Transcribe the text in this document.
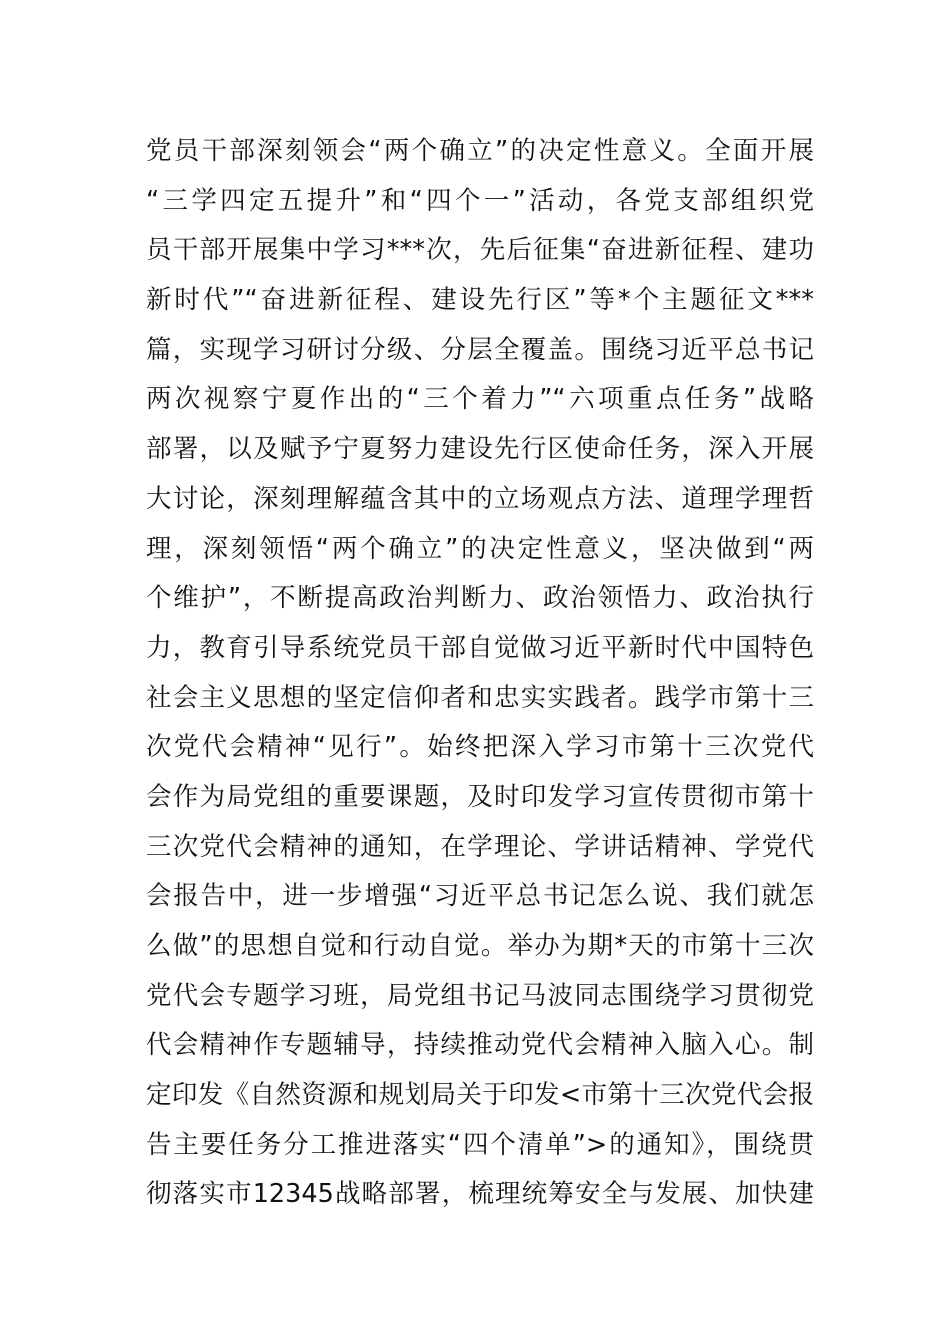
党员干部深刻领会“两个确立”的决定性意义。全面开展
“三学四定五提升”和“四个一”活动，各党支部组织党
员干部开展集中学习***次，先后征集“奋进新征程、建功
新时代”“奋进新征程、建设先行区”等*个主题征文***
篇，实现学习研讨分级、分层全覆盖。围绕习近平总书记
两次视察宁夏作出的“三个着力”“六项重点任务”战略
部署，以及赋予宁夏努力建设先行区使命任务，深入开展
大讨论，深刻理解蕴含其中的立场观点方法、道理学理哲
理，深刻领悟“两个确立”的决定性意义，坚决做到“两
个维护”，不断提高政治判断力、政治领悟力、政治执行
力，教育引导系统党员干部自觉做习近平新时代中国特色
社会主义思想的坚定信仰者和忠实实践者。践学市第十三
次党代会精神“见行”。始终把深入学习市第十三次党代
会作为局党组的重要课题，及时印发学习宣传贯彻市第十
三次党代会精神的通知，在学理论、学讲话精神、学党代
会报告中，进一步增强“习近平总书记怎么说、我们就怎
么做”的思想自觉和行动自觉。举办为期*天的市第十三次
党代会专题学习班，局党组书记马波同志围绕学习贯彻党
代会精神作专题辅导，持续推动党代会精神入脑入心。制
定印发《自然资源和规划局关于印发<市第十三次党代会报
告主要任务分工推进落实“四个清单”>的通知》，围绕贯
彻落实市12345战略部署，梳理统筹安全与发展、加快建
